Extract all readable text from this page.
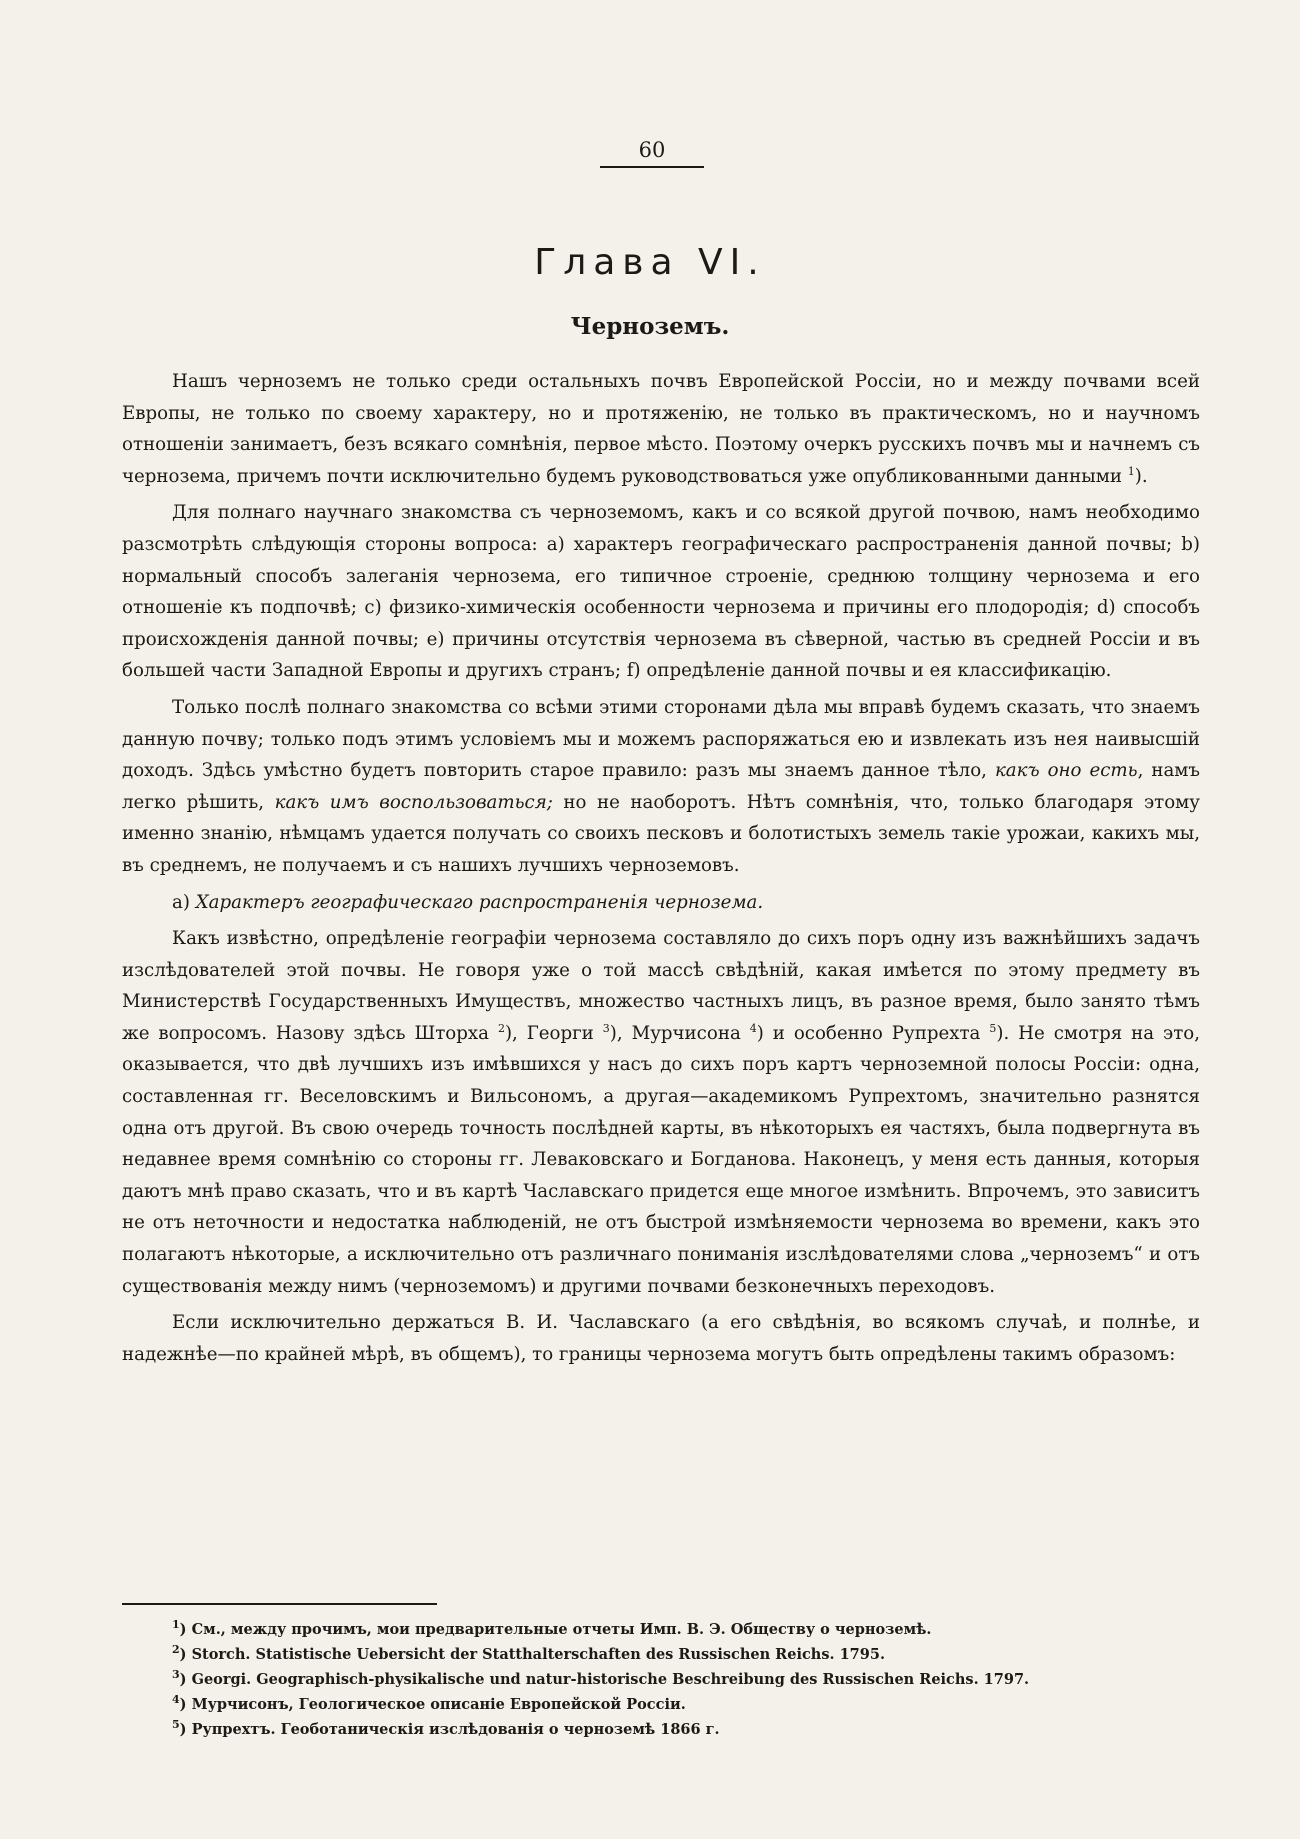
60
Глава VI.
Черноземъ.

Нашъ черноземъ не только среди остальныхъ почвъ Европейской Россіи, но и между почвами всей Европы, не только по своему характеру, но и протяженію, не только въ практическомъ, но и научномъ отношеніи занимаетъ, безъ всякаго сомнѣнія, первое мѣсто. Поэтому очеркъ русскихъ почвъ мы и начнемъ съ чернозема, причемъ почти исключительно будемъ руководствоваться уже опубликованными данными $^1$).

Для полнаго научнаго знакомства съ черноземомъ, какъ и со всякой другой почвою, намъ необходимо разсмотрѣть слѣдующія стороны вопроса: a) характеръ географическаго распространенія данной почвы; b) нормальный способъ залеганія чернозема, его типичное строеніе, среднюю толщину чернозема и его отношеніе къ подпочвѣ; c) физико-химическія особенности чернозема и причины его плодородія; d) способъ происхожденія данной почвы; e) причины отсутствія чернозема въ сѣверной, частью въ средней Россіи и въ большей части Западной Европы и другихъ странъ; f) опредѣленіе данной почвы и ея классификацію.

Только послѣ полнаго знакомства со всѣми этими сторонами дѣла мы вправѣ будемъ сказать, что знаемъ данную почву; только подъ этимъ условіемъ мы и можемъ распоряжаться ею и извлекать изъ нея наивысшій доходъ. Здѣсь умѣстно будетъ повторить старое правило: разъ мы знаемъ данное тѣло, какъ оно есть, намъ легко рѣшить, какъ имъ воспользоваться; но не наоборотъ. Нѣтъ сомнѣнія, что, только благодаря этому именно знанію, нѣмцамъ удается получать со своихъ песковъ и болотистыхъ земель такіе урожаи, какихъ мы, въ среднемъ, не получаемъ и съ нашихъ лучшихъ черноземовъ.

a) Характеръ географическаго распространенія чернозема.

Какъ извѣстно, опредѣленіе географіи чернозема составляло до сихъ поръ одну изъ важнѣйшихъ задачъ изслѣдователей этой почвы. Не говоря уже о той массѣ свѣдѣній, какая имѣется по этому предмету въ Министерствѣ Государственныхъ Имуществъ, множество частныхъ лицъ, въ разное время, было занято тѣмъ же вопросомъ. Назову здѣсь Шторха $^2$), Георги $^3$), Мурчисона $^4$) и особенно Рупрехта $^5$). Не смотря на это, оказывается, что двѣ лучшихъ изъ имѣвшихся у насъ до сихъ поръ картъ черноземной полосы Россіи: одна, составленная гг. Веселовскимъ и Вильсономъ, а другая—академикомъ Рупрехтомъ, значительно разнятся одна отъ другой. Въ свою очередь точность послѣдней карты, въ нѣкоторыхъ ея частяхъ, была подвергнута въ недавнее время сомнѣнію со стороны гг. Леваковскаго и Богданова. Наконецъ, у меня есть данныя, которыя даютъ мнѣ право сказать, что и въ картѣ Чаславскаго придется еще многое измѣнить. Впрочемъ, это зависитъ не отъ неточности и недостатка наблюденій, не отъ быстрой измѣняемости чернозема во времени, какъ это полагаютъ нѣкоторые, а исключительно отъ различнаго пониманія изслѣдователями слова „черноземъ“ и отъ существованія между нимъ (черноземомъ) и другими почвами безконечныхъ переходовъ.

Если исключительно держаться В. И. Чаславскаго (а его свѣдѣнія, во всякомъ случаѣ, и полнѣе, и надежнѣе—по крайней мѣрѣ, въ общемъ), то границы чернозема могутъ быть опредѣлены такимъ образомъ:

$^1$) См., между прочимъ, мои предварительные отчеты Имп. В. Э. Обществу о черноземѣ.
$^2$) Storch. Statistische Uebersicht der Statthalterschaften des Russischen Reichs. 1795.
$^3$) Georgi. Geographisch-physikalische und natur-historische Beschreibung des Russischen Reichs. 1797.
$^4$) Мурчисонъ, Геологическое описаніе Европейской Россіи.
$^5$) Рупрехтъ. Геоботаническія изслѣдованія о черноземѣ 1866 г.
